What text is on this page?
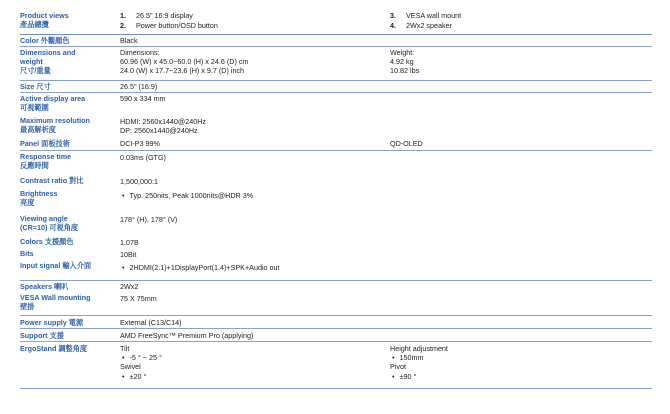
Product views
產品總攬
1. 26.5" 16:9 display
2. Power button/OSD button
3. VESA wall mount
4. 2Wx2 speaker
Color 外觀顏色	Black
Dimensions and
weight
尺寸/重量
Dimensions:
60.96 (W) x 45.0~60.0 (H) x 24.6 (D) cm
24.0 (W) x 17.7~23.6 (H) x 9.7 (D) inch
Weight:
4.92 kg
10.82 lbs
Size 尺寸	26.5" (16:9)
Active display area
可視範圍
590 x 334 mm
Maximum resolution
最高解析度
HDMI: 2560x1440@240Hz
DP: 2560x1440@240Hz
Panel 面板技術	DCI-P3 99%	QD-OLED
Response time
反應時間
0.03ms (GTG)
Contrast ratio 對比	1,500,000:1
Brightness
亮度
• Typ. 250nits, Peak 1000nits@HDR 3%
Viewing angle
(CR=10) 可視角度
178° (H), 178° (V)
Colors 支援顏色	1.07B
Bits	10Bit
Input signal 輸入介面
•	2HDMI(2.1)+1DisplayPort(1.4)+SPK+Audio out
Speakers 喇叭	2Wx2
VESA Wall mounting
壁掛
75 X 75mm
Power supply 電源	External (C13/C14)
Support 支援	AMD FreeSync™ Premium Pro (applying)
ErgoStand 調整角度	Tilt
• -5 ° ~ 25 °
Swivel
• ±20 °
Height adjustment
• 150mm
Pivot
• ±90 °
